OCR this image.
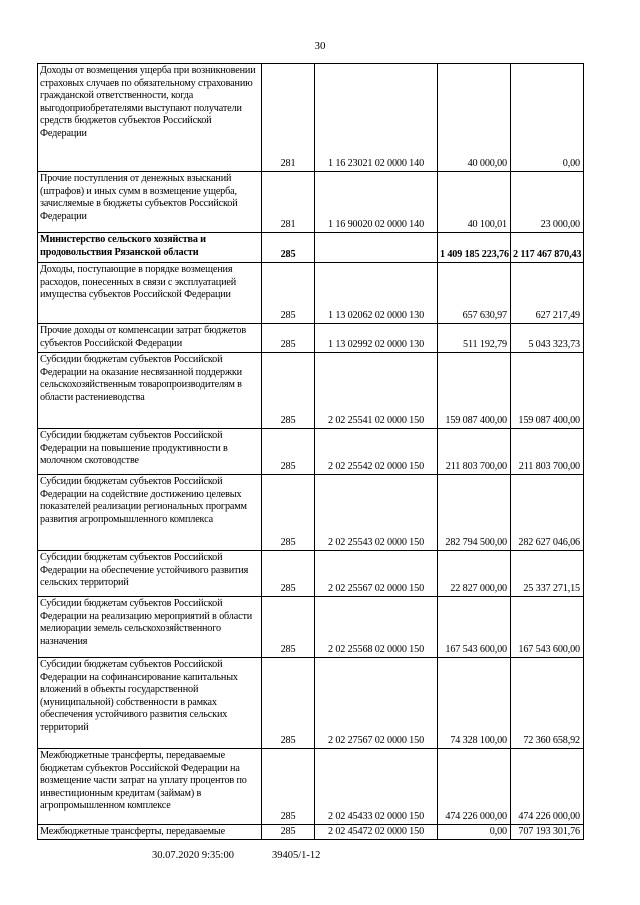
30
Доходы от возмещения ущерба при возникновении страховых случаев по обязательному страхованию гражданской ответственности, когда выгодоприобретателями выступают получатели средств бюджетов субъектов Российской Федерации	281	1 16 23021 02 0000 140	40 000,00	0,00
Прочие поступления от денежных взысканий (штрафов) и иных сумм в возмещение ущерба, зачисляемые в бюджеты субъектов Российской Федерации	281	1 16 90020 02 0000 140	40 100,01	23 000,00
Министерство сельского хозяйства и продовольствия Рязанской области	285		1 409 185 223,76	2 117 467 870,43
Доходы, поступающие в порядке возмещения расходов, понесенных в связи с эксплуатацией имущества субъектов Российской Федерации	285	1 13 02062 02 0000 130	657 630,97	627 217,49
Прочие доходы от компенсации затрат бюджетов субъектов Российской Федерации	285	1 13 02992 02 0000 130	511 192,79	5 043 323,73
Субсидии бюджетам субъектов Российской Федерации на оказание несвязанной поддержки сельскохозяйственным товаропроизводителям в области растениеводства	285	2 02 25541 02 0000 150	159 087 400,00	159 087 400,00
Субсидии бюджетам субъектов Российской Федерации на повышение продуктивности в молочном скотоводстве	285	2 02 25542 02 0000 150	211 803 700,00	211 803 700,00
Субсидии бюджетам субъектов Российской Федерации на содействие достижению целевых показателей реализации региональных программ развития агропромышленного комплекса	285	2 02 25543 02 0000 150	282 794 500,00	282 627 046,06
Субсидии бюджетам субъектов Российской Федерации на обеспечение устойчивого развития сельских территорий	285	2 02 25567 02 0000 150	22 827 000,00	25 337 271,15
Субсидии бюджетам субъектов Российской Федерации на реализацию мероприятий в области мелиорации земель сельскохозяйственного назначения	285	2 02 25568 02 0000 150	167 543 600,00	167 543 600,00
Субсидии бюджетам субъектов Российской Федерации на софинансирование капитальных вложений в объекты государственной (муниципальной) собственности в рамках обеспечения устойчивого развития сельских территорий	285	2 02 27567 02 0000 150	74 328 100,00	72 360 658,92
Межбюджетные трансферты, передаваемые бюджетам субъектов Российской Федерации на возмещение части затрат на уплату процентов по инвестиционным кредитам (займам) в агропромышленном комплексе	285	2 02 45433 02 0000 150	474 226 000,00	474 226 000,00
Межбюджетные трансферты, передаваемые	285	2 02 45472 02 0000 150	0,00	707 193 301,76
30.07.2020 9:35:00	39405/1-12
